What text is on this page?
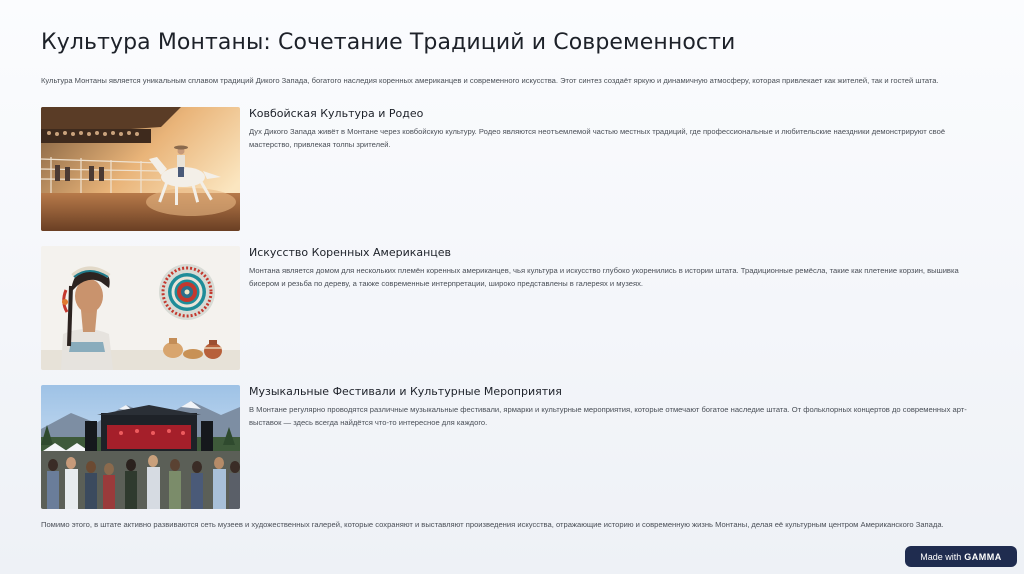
Культура Монтаны: Сочетание Традиций и Современности

Культура Монтаны является уникальным сплавом традиций Дикого Запада, богатого наследия коренных американцев и современного искусства. Этот синтез создаёт яркую и динамичную атмосферу, которая привлекает как жителей, так и гостей штата.

Ковбойская Культура и Родео

Дух Дикого Запада живёт в Монтане через ковбойскую культуру. Родео являются неотъемлемой частью местных традиций, где профессиональные и любительские наездники демонстрируют своё мастерство, привлекая толпы зрителей.

Искусство Коренных Американцев

Монтана является домом для нескольких племён коренных американцев, чья культура и искусство глубоко укоренились в истории штата. Традиционные ремёсла, такие как плетение корзин, вышивка бисером и резьба по дереву, а также современные интерпретации, широко представлены в галереях и музеях.

Музыкальные Фестивали и Культурные Мероприятия

В Монтане регулярно проводятся различные музыкальные фестивали, ярмарки и культурные мероприятия, которые отмечают богатое наследие штата. От фольклорных концертов до современных арт-выставок — здесь всегда найдётся что-то интересное для каждого.

Помимо этого, в штате активно развиваются сеть музеев и художественных галерей, которые сохраняют и выставляют произведения искусства, отражающие историю и современную жизнь Монтаны, делая её культурным центром Американского Запада.

Made with GAMMA
